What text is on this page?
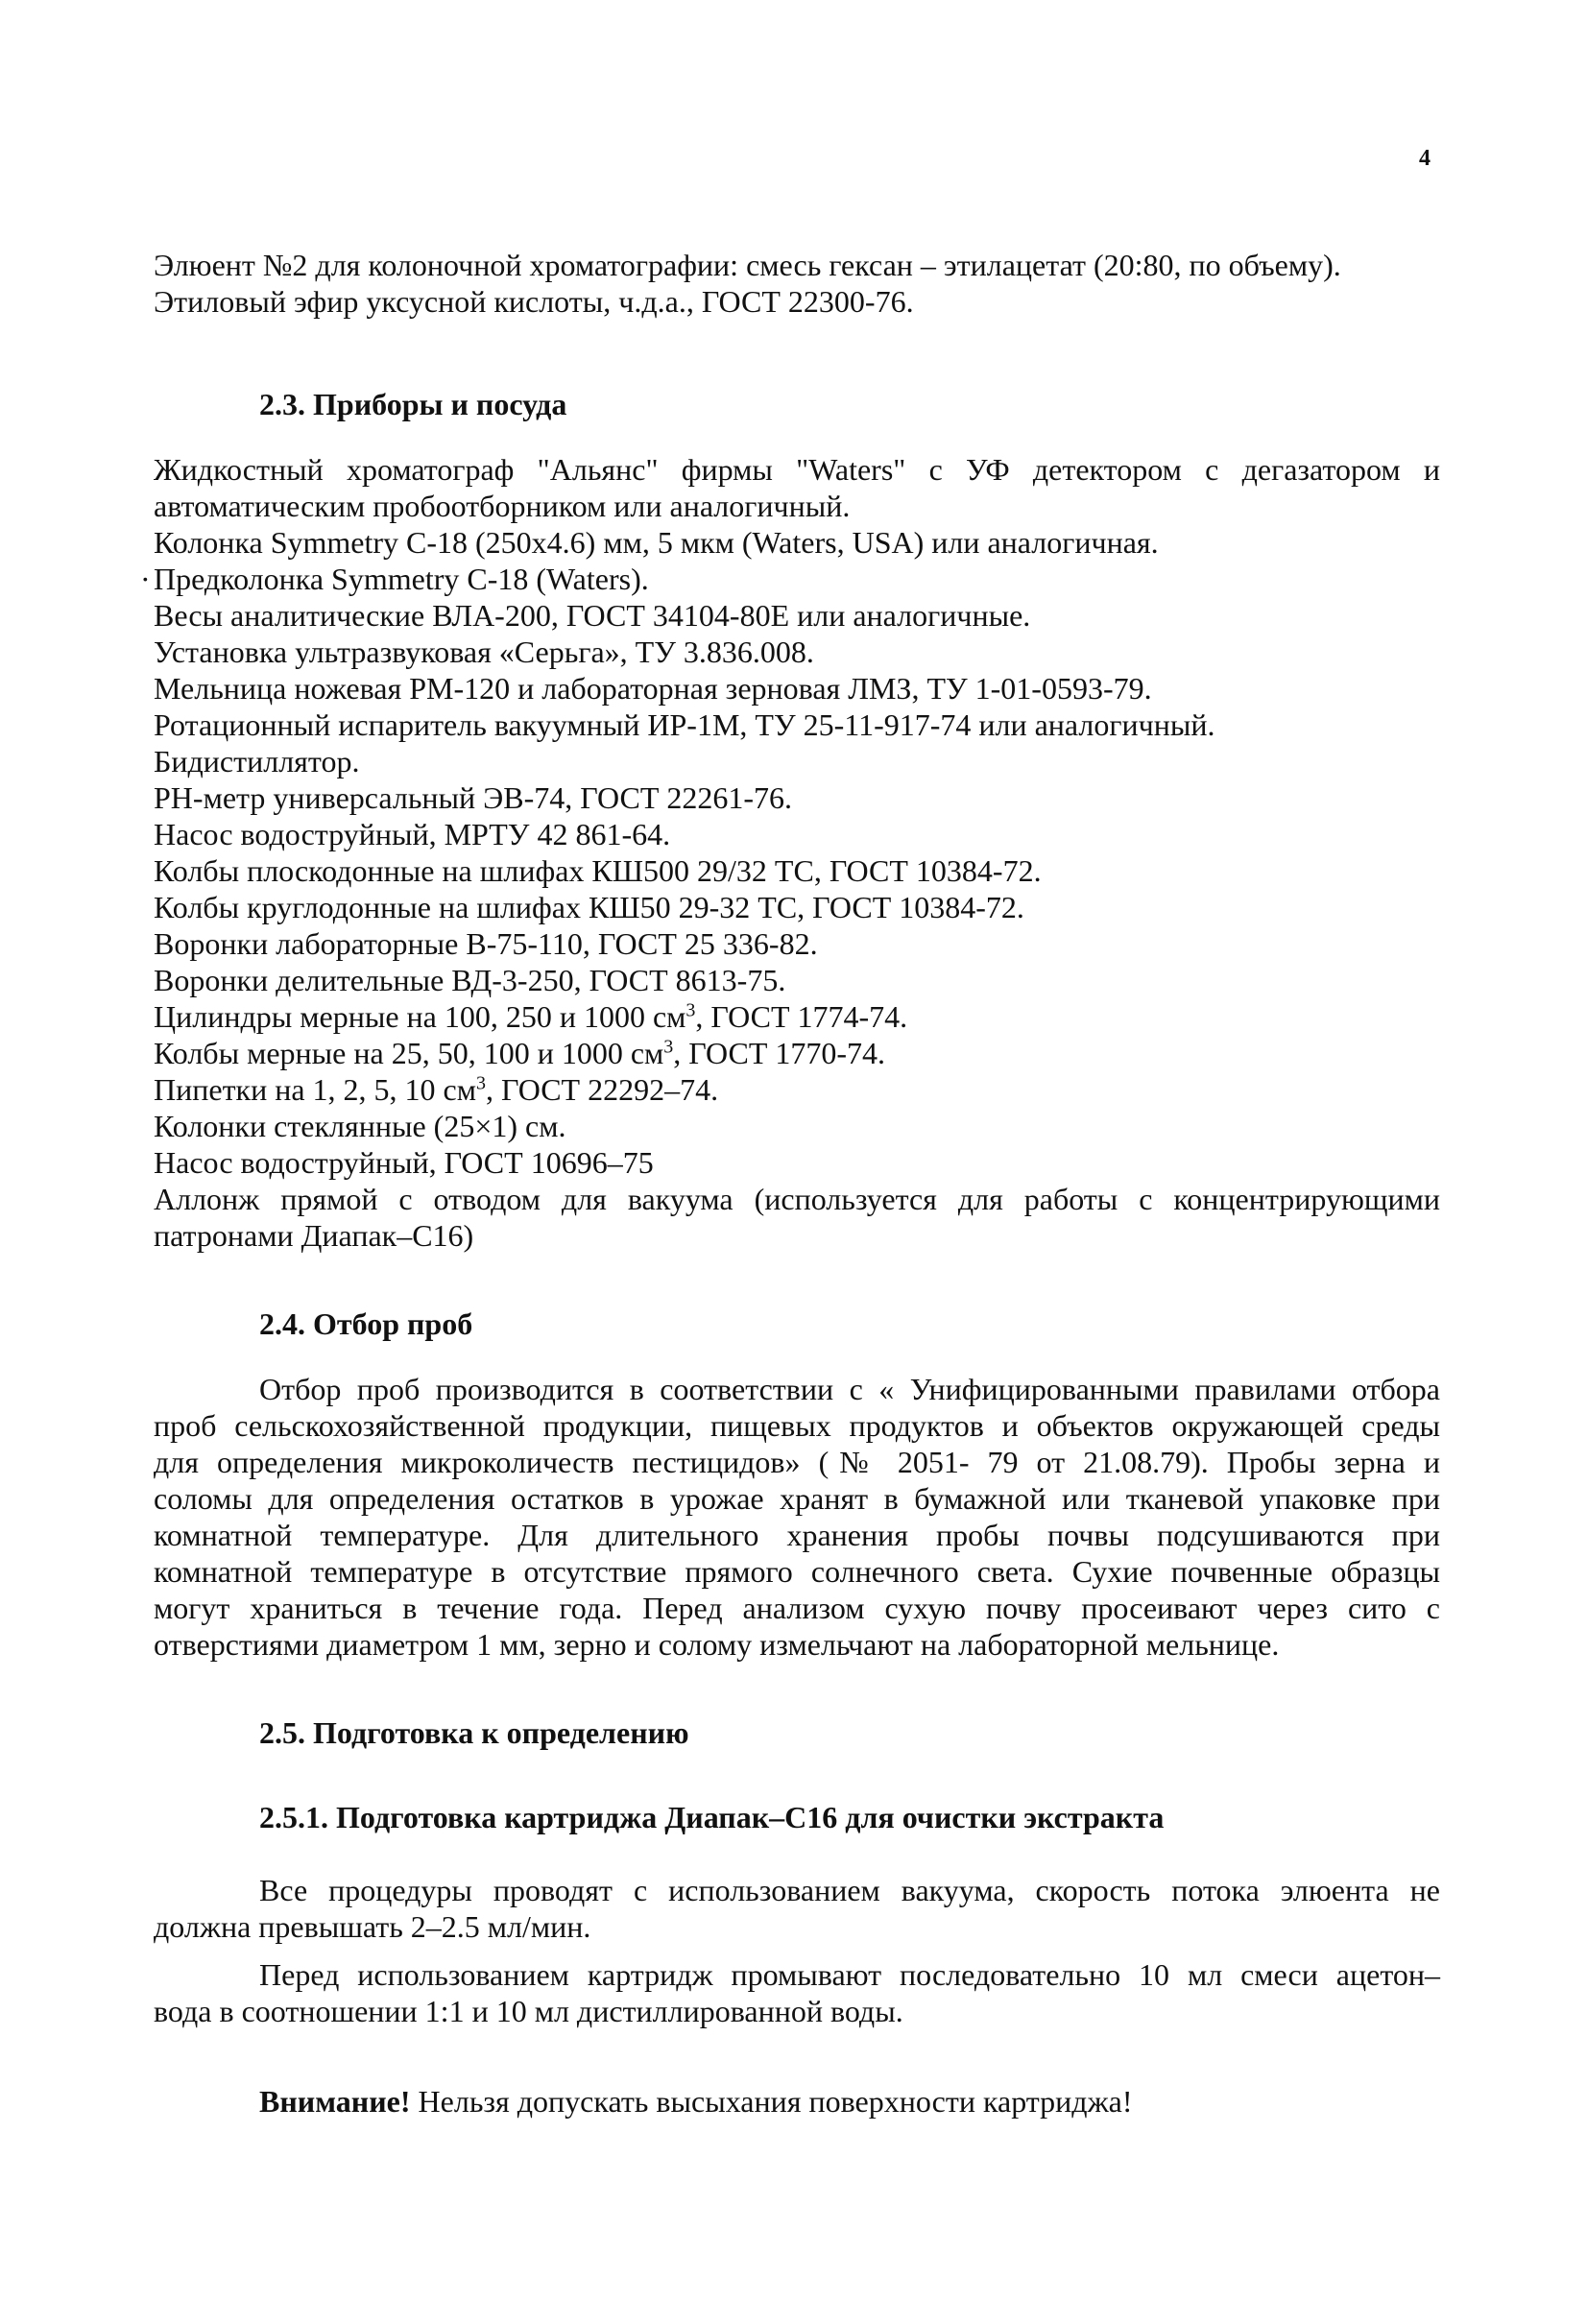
4
Элюент №2 для колоночной хроматографии: смесь гексан – этилацетат (20:80, по объему).
Этиловый эфир уксусной кислоты, ч.д.а., ГОСТ 22300-76.
2.3. Приборы и посуда
Жидкостный хроматограф "Альянс" фирмы "Waters" с УФ детектором с дегазатором и
автоматическим пробоотборником или аналогичный.
Колонка Symmetry C-18 (250x4.6) мм, 5 мкм (Waters, USA) или аналогичная.
· Предколонка Symmetry C-18 (Waters).
Весы аналитические ВЛА-200, ГОСТ 34104-80Е или аналогичные.
Установка ультразвуковая «Серьга», ТУ 3.836.008.
Мельница ножевая РМ-120 и лабораторная зерновая ЛМЗ, ТУ 1-01-0593-79.
Ротационный испаритель вакуумный ИР-1М, ТУ 25-11-917-74 или аналогичный.
Бидистиллятор.
РН-метр универсальный ЭВ-74, ГОСТ 22261-76.
Насос водоструйный, МРТУ 42 861-64.
Колбы плоскодонные на шлифах КШ500 29/32 ТС, ГОСТ 10384-72.
Колбы круглодонные на шлифах КШ50 29-32 ТС, ГОСТ 10384-72.
Воронки лабораторные В-75-110, ГОСТ 25 336-82.
Воронки делительные ВД-3-250, ГОСТ 8613-75.
Цилиндры мерные на 100, 250 и 1000 $см^3$, ГОСТ 1774-74.
Колбы мерные на 25, 50, 100 и 1000 $см^3$, ГОСТ 1770-74.
Пипетки на 1, 2, 5, 10 $см^3$, ГОСТ 22292–74.
Колонки стеклянные (25×1) см.
Насос водоструйный, ГОСТ 10696–75
Аллонж прямой с отводом для вакуума (используется для работы с концентрирующими
патронами Диапак–С16)
2.4. Отбор проб
Отбор проб производится в соответствии с « Унифицированными правилами отбора
проб сельскохозяйственной продукции, пищевых продуктов и объектов окружающей среды
для определения микроколичеств пестицидов» (№ 2051- 79 от 21.08.79). Пробы зерна и
соломы для определения остатков в урожае хранят в бумажной или тканевой упаковке при
комнатной температуре. Для длительного хранения пробы почвы подсушиваются при
комнатной температуре в отсутствие прямого солнечного света. Сухие почвенные образцы
могут храниться в течение года. Перед анализом сухую почву просеивают через сито с
отверстиями диаметром 1 мм, зерно и солому измельчают на лабораторной мельнице.
2.5. Подготовка к определению
2.5.1. Подготовка картриджа Диапак–С16 для очистки экстракта
Все процедуры проводят с использованием вакуума, скорость потока элюента не
должна превышать 2–2.5 мл/мин.
Перед использованием картридж промывают последовательно 10 мл смеси ацетон–
вода в соотношении 1:1 и 10 мл дистиллированной воды.
Внимание! Нельзя допускать высыхания поверхности картриджа!
